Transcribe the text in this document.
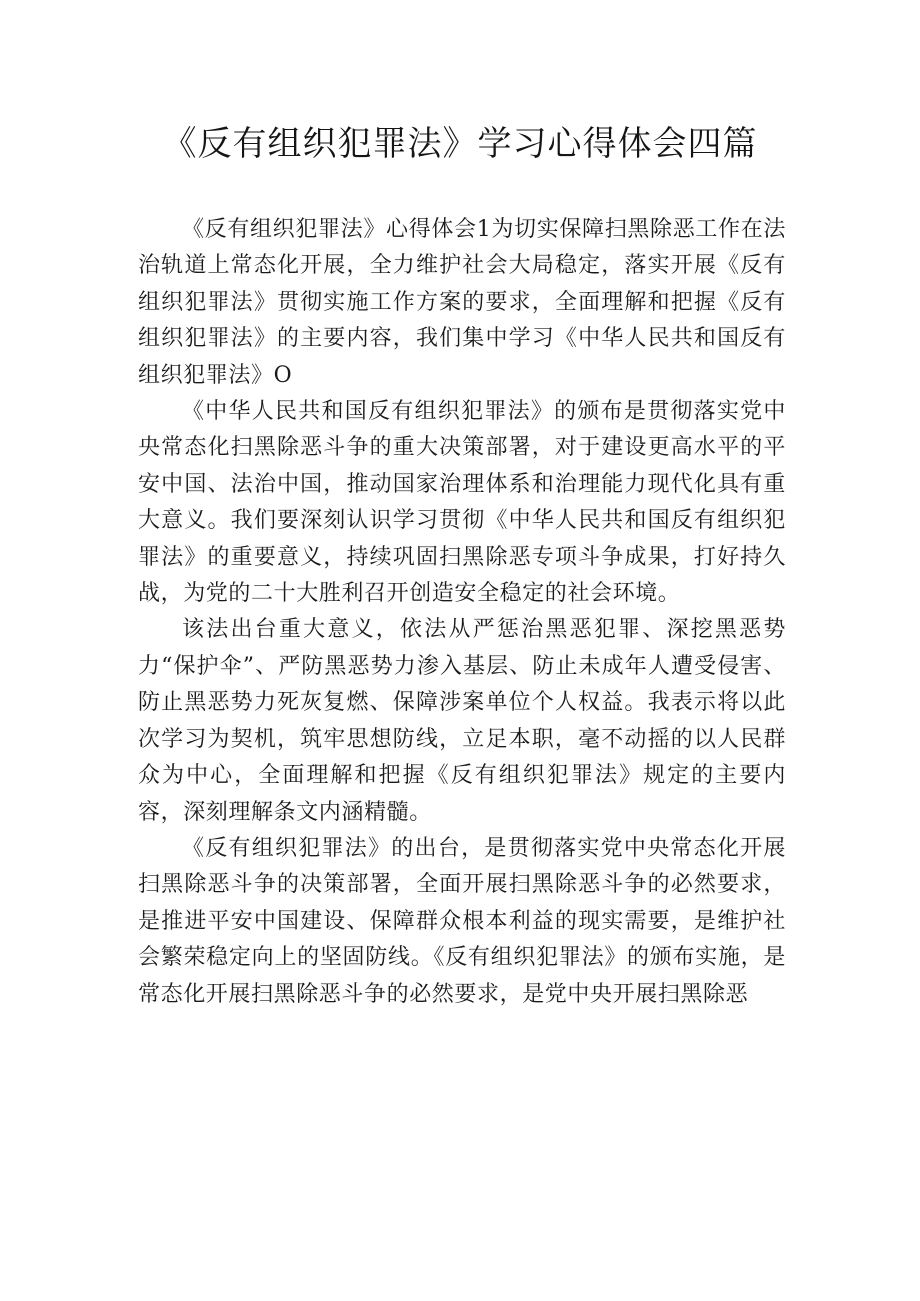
《反有组织犯罪法》学习心得体会四篇

《反有组织犯罪法》心得体会1为切实保障扫黑除恶工作在法治轨道上常态化开展，全力维护社会大局稳定，落实开展《反有组织犯罪法》贯彻实施工作方案的要求，全面理解和把握《反有组织犯罪法》的主要内容，我们集中学习《中华人民共和国反有组织犯罪法》O

《中华人民共和国反有组织犯罪法》的颁布是贯彻落实党中央常态化扫黑除恶斗争的重大决策部署，对于建设更高水平的平安中国、法治中国，推动国家治理体系和治理能力现代化具有重大意义。我们要深刻认识学习贯彻《中华人民共和国反有组织犯罪法》的重要意义，持续巩固扫黑除恶专项斗争成果，打好持久战，为党的二十大胜利召开创造安全稳定的社会环境。

该法出台重大意义，依法从严惩治黑恶犯罪、深挖黑恶势力“保护伞”、严防黑恶势力渗入基层、防止未成年人遭受侵害、防止黑恶势力死灰复燃、保障涉案单位个人权益。我表示将以此次学习为契机，筑牢思想防线，立足本职，毫不动摇的以人民群众为中心，全面理解和把握《反有组织犯罪法》规定的主要内容，深刻理解条文内涵精髓。

《反有组织犯罪法》的出台，是贯彻落实党中央常态化开展扫黑除恶斗争的决策部署，全面开展扫黑除恶斗争的必然要求，是推进平安中国建设、保障群众根本利益的现实需要，是维护社会繁荣稳定向上的坚固防线。《反有组织犯罪法》的颁布实施，是常态化开展扫黑除恶斗争的必然要求，是党中央开展扫黑除恶
